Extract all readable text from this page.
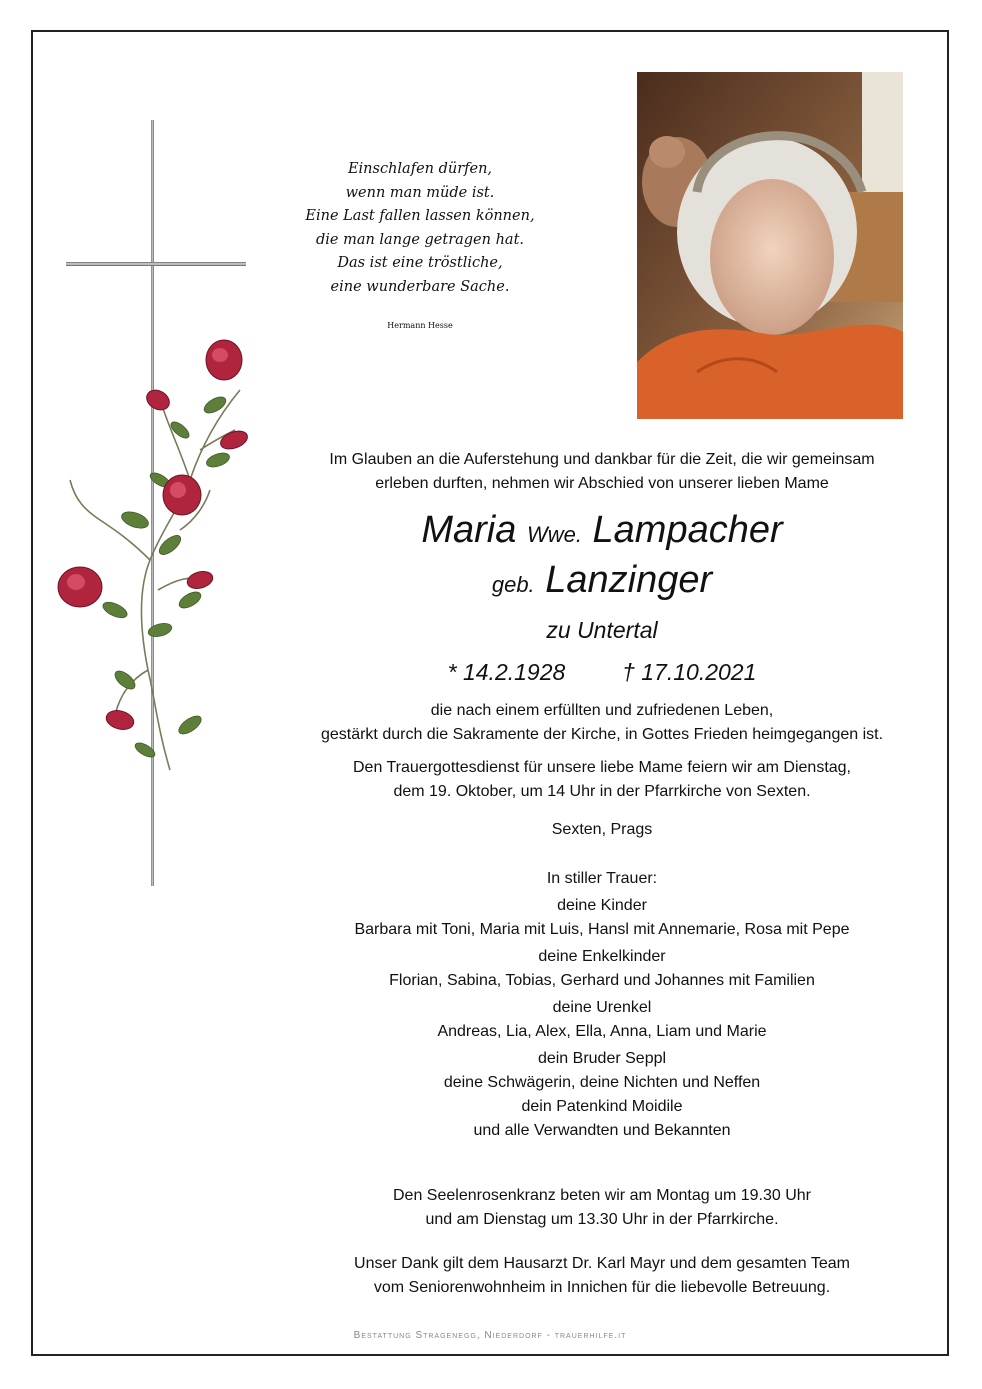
Einschlafen dürfen,
wenn man müde ist.
Eine Last fallen lassen können,
die man lange getragen hat.
Das ist eine tröstliche,
eine wunderbare Sache.
Hermann Hesse
Im Glauben an die Auferstehung und dankbar für die Zeit, die wir gemeinsam
erleben durften, nehmen wir Abschied von unserer lieben Mame
Maria Wwe. Lampacher
geb. Lanzinger
zu Untertal
* 14.2.1928 † 17.10.2021
die nach einem erfüllten und zufriedenen Leben,
gestärkt durch die Sakramente der Kirche, in Gottes Frieden heimgegangen ist.
Den Trauergottesdienst für unsere liebe Mame feiern wir am Dienstag,
dem 19. Oktober, um 14 Uhr in der Pfarrkirche von Sexten.
Sexten, Prags
In stiller Trauer:
deine Kinder
Barbara mit Toni, Maria mit Luis, Hansl mit Annemarie, Rosa mit Pepe
deine Enkelkinder
Florian, Sabina, Tobias, Gerhard und Johannes mit Familien
deine Urenkel
Andreas, Lia, Alex, Ella, Anna, Liam und Marie
dein Bruder Seppl
deine Schwägerin, deine Nichten und Neffen
dein Patenkind Moidile
und alle Verwandten und Bekannten
Den Seelenrosenkranz beten wir am Montag um 19.30 Uhr
und am Dienstag um 13.30 Uhr in der Pfarrkirche.
Unser Dank gilt dem Hausarzt Dr. Karl Mayr und dem gesamten Team
vom Seniorenwohnheim in Innichen für die liebevolle Betreuung.
Bestattung Stragenegg, Niederdorf - trauerhilfe.it
